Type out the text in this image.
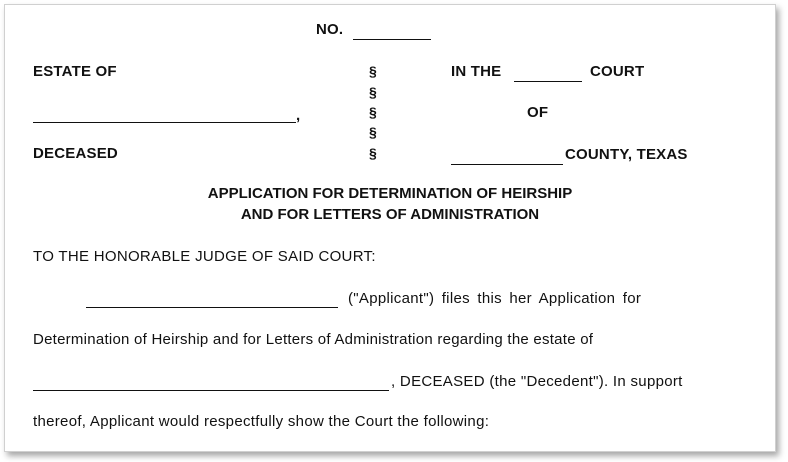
NO.
ESTATE OF
,
DECEASED
§
§
§
§
§
IN THE	COURT
OF
COUNTY, TEXAS
APPLICATION FOR DETERMINATION OF HEIRSHIP
AND FOR LETTERS OF ADMINISTRATION
TO THE HONORABLE JUDGE OF SAID COURT:
("Applicant") files this her Application for
Determination of Heirship and for Letters of Administration regarding the estate of
, DECEASED (the "Decedent"). In support
thereof, Applicant would respectfully show the Court the following:
